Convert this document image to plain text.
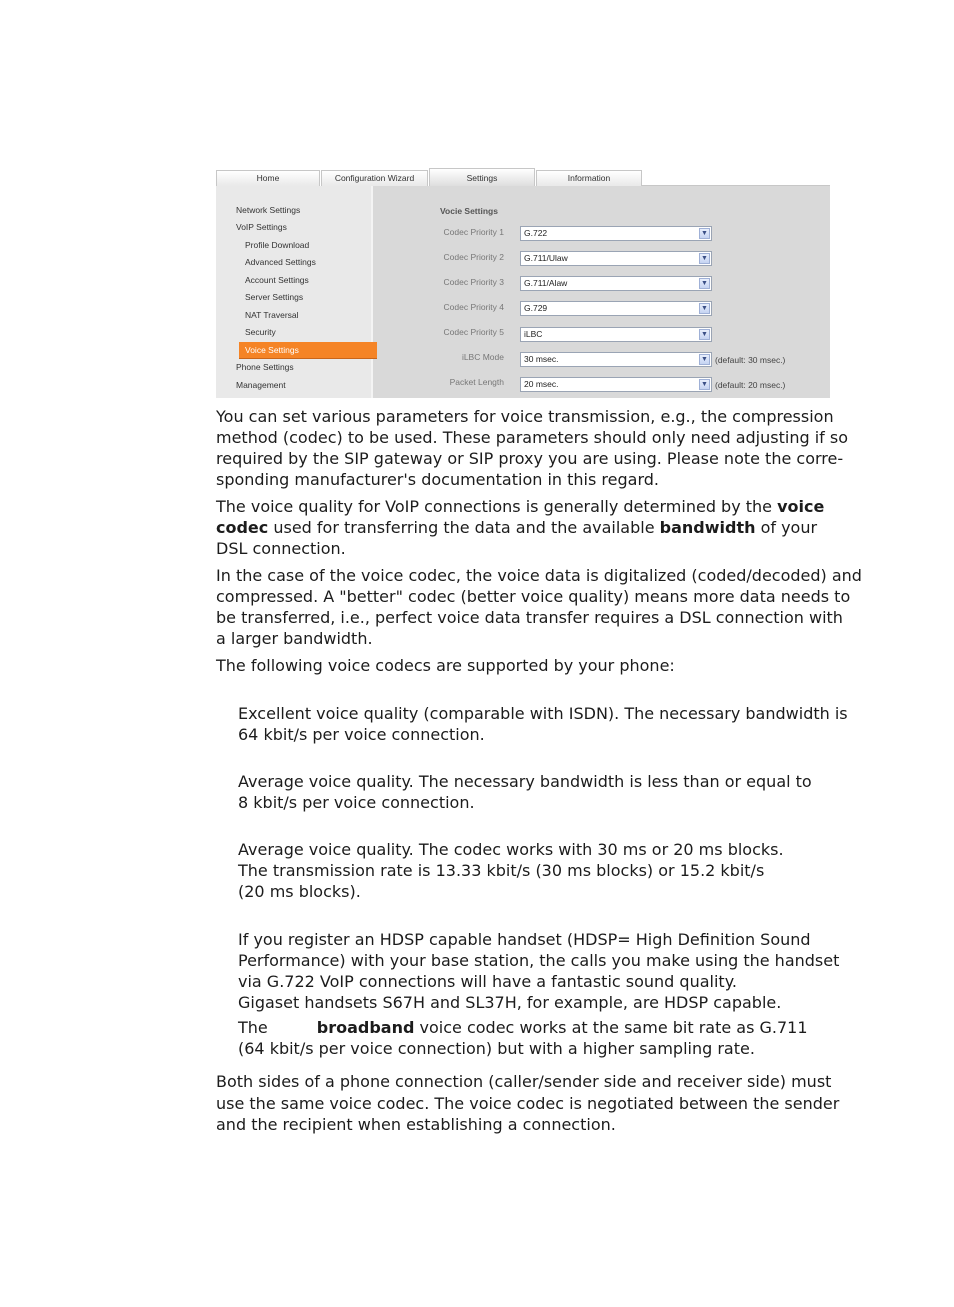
Home	Configuration Wizard	Settings	Information
Network Settings
VoIP Settings
Profile Download
Advanced Settings
Account Settings
Server Settings
NAT Traversal
Security
Voice Settings
Phone Settings
Management
Vocie Settings
Codec Priority 1	G.722	▼
Codec Priority 2	G.711/Ulaw	▼
Codec Priority 3	G.711/Alaw	▼
Codec Priority 4	G.729	▼
Codec Priority 5	iLBC	▼
iLBC Mode	30 msec.	▼ (default: 30 msec.)
Packet Length	20 msec.	▼ (default: 20 msec.)
You can set various parameters for voice transmission, e.g., the compression
method (codec) to be used. These parameters should only need adjusting if so
required by the SIP gateway or SIP proxy you are using. Please note the corre-
sponding manufacturer's documentation in this regard.
The voice quality for VoIP connections is generally determined by the voice
codec used for transferring the data and the available bandwidth of your
DSL connection.
In the case of the voice codec, the voice data is digitalized (coded/decoded) and
compressed. A "better" codec (better voice quality) means more data needs to
be transferred, i.e., perfect voice data transfer requires a DSL connection with
a larger bandwidth.
The following voice codecs are supported by your phone:
Excellent voice quality (comparable with ISDN). The necessary bandwidth is
64 kbit/s per voice connection.
Average voice quality. The necessary bandwidth is less than or equal to
8 kbit/s per voice connection.
Average voice quality. The codec works with 30 ms or 20 ms blocks.
The transmission rate is 13.33 kbit/s (30 ms blocks) or 15.2 kbit/s
(20 ms blocks).
If you register an HDSP capable handset (HDSP= High Definition Sound
Performance) with your base station, the calls you make using the handset
via G.722 VoIP connections will have a fantastic sound quality.
Gigaset handsets S67H and SL37H, for example, are HDSP capable.
The	broadband voice codec works at the same bit rate as G.711
(64 kbit/s per voice connection) but with a higher sampling rate.
Both sides of a phone connection (caller/sender side and receiver side) must
use the same voice codec. The voice codec is negotiated between the sender
and the recipient when establishing a connection.
